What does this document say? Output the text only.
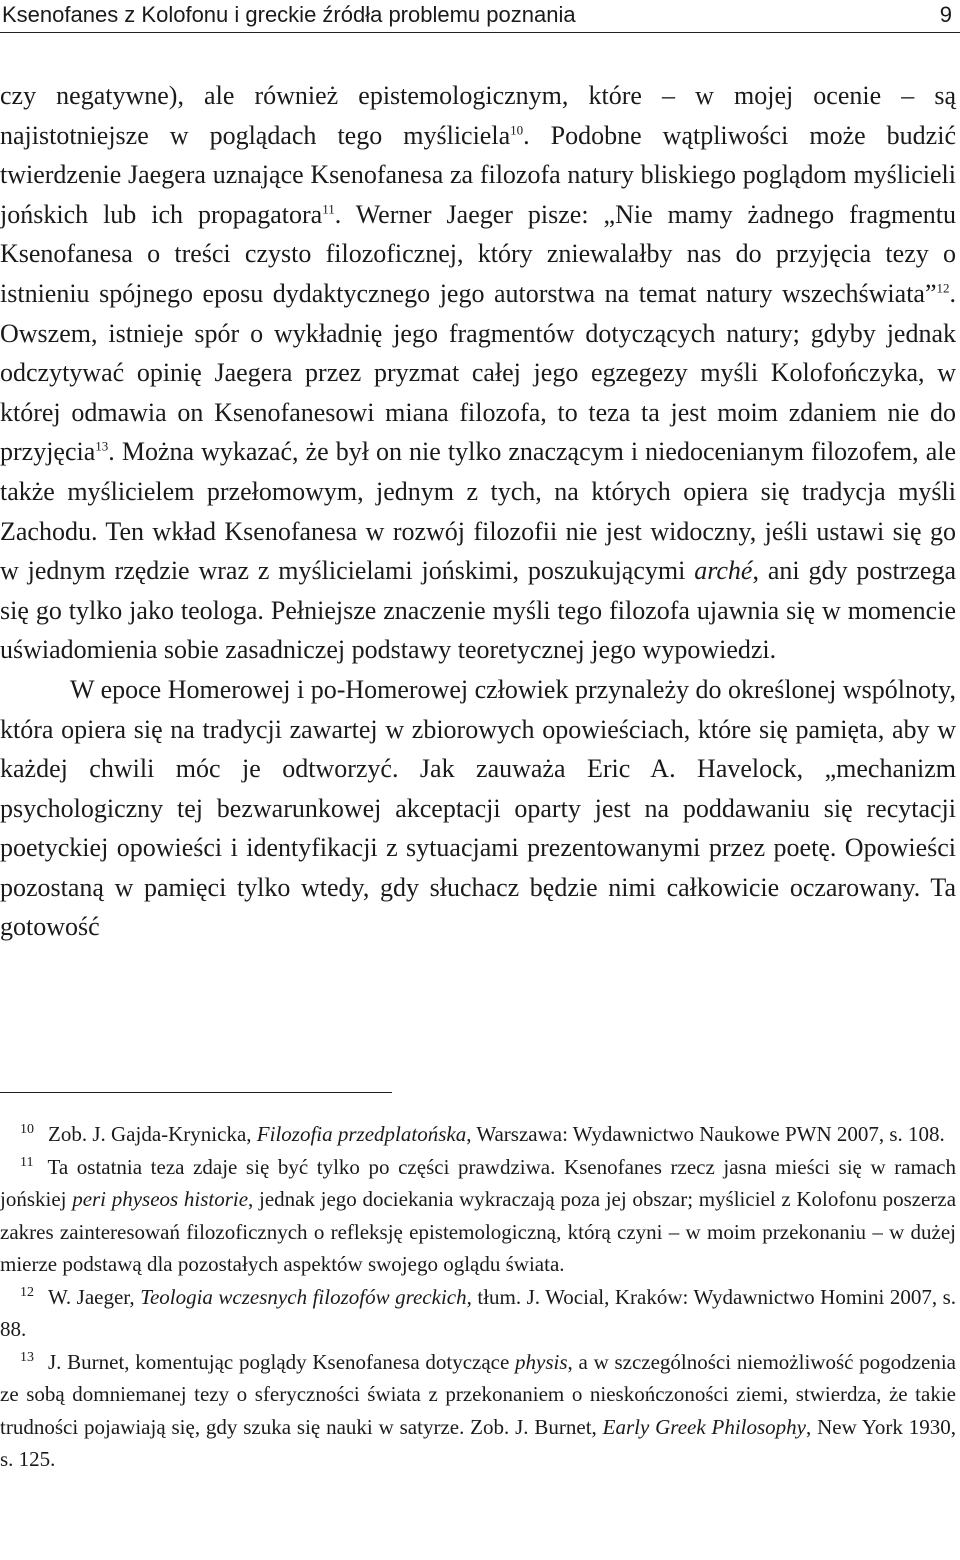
Ksenofanes z Kolofonu i greckie źródła problemu poznania	9

czy negatywne), ale również epistemologicznym, które – w mojej ocenie – są najistotniejsze w poglądach tego myśliciela$^{10}$. Podobne wątpliwości może budzić twierdzenie Jaegera uznające Ksenofanesa za filozofa natury bliskiego poglądom myślicieli jońskich lub ich propagatora$^{11}$. Werner Jaeger pisze: „Nie mamy żadnego fragmentu Ksenofanesa o treści czysto filozoficznej, który zniewalałby nas do przyjęcia tezy o istnieniu spójnego eposu dydaktycznego jego autorstwa na temat natury wszechświata”$^{12}$. Owszem, istnieje spór o wykładnię jego fragmentów dotyczących natury; gdyby jednak odczytywać opinię Jaegera przez pryzmat całej jego egzegezy myśli Kolofończyka, w której odmawia on Ksenofanesowi miana filozofa, to teza ta jest moim zdaniem nie do przyjęcia$^{13}$. Można wykazać, że był on nie tylko znaczącym i niedocenianym filozofem, ale także myślicielem przełomowym, jednym z tych, na których opiera się tradycja myśli Zachodu. Ten wkład Ksenofanesa w rozwój filozofii nie jest widoczny, jeśli ustawi się go w jednym rzędzie wraz z myślicielami jońskimi, poszukującymi arché, ani gdy postrzega się go tylko jako teologa. Pełniejsze znaczenie myśli tego filozofa ujawnia się w momencie uświadomienia sobie zasadniczej podstawy teoretycznej jego wypowiedzi.

W epoce Homerowej i po-Homerowej człowiek przynależy do określonej wspólnoty, która opiera się na tradycji zawartej w zbiorowych opowieściach, które się pamięta, aby w każdej chwili móc je odtworzyć. Jak zauważa Eric A. Havelock, „mechanizm psychologiczny tej bezwarunkowej akceptacji oparty jest na poddawaniu się recytacji poetyckiej opowieści i identyfikacji z sytuacjami prezentowanymi przez poetę. Opowieści pozostaną w pamięci tylko wtedy, gdy słuchacz będzie nimi całkowicie oczarowany. Ta gotowość

10 Zob. J. Gajda-Krynicka, Filozofia przedplatońska, Warszawa: Wydawnictwo Naukowe PWN 2007, s. 108.

11 Ta ostatnia teza zdaje się być tylko po części prawdziwa. Ksenofanes rzecz jasna mieści się w ramach jońskiej peri physeos historie, jednak jego dociekania wykraczają poza jej obszar; myśliciel z Kolofonu poszerza zakres zainteresowań filozoficznych o refleksję epistemologiczną, którą czyni – w moim przekonaniu – w dużej mierze podstawą dla pozostałych aspektów swojego oglądu świata.

12 W. Jaeger, Teologia wczesnych filozofów greckich, tłum. J. Wocial, Kraków: Wydawnictwo Homini 2007, s. 88.

13 J. Burnet, komentując poglądy Ksenofanesa dotyczące physis, a w szczególności niemożliwość pogodzenia ze sobą domniemanej tezy o sferyczności świata z przekonaniem o nieskończoności ziemi, stwierdza, że takie trudności pojawiają się, gdy szuka się nauki w satyrze. Zob. J. Burnet, Early Greek Philosophy, New York 1930, s. 125.
